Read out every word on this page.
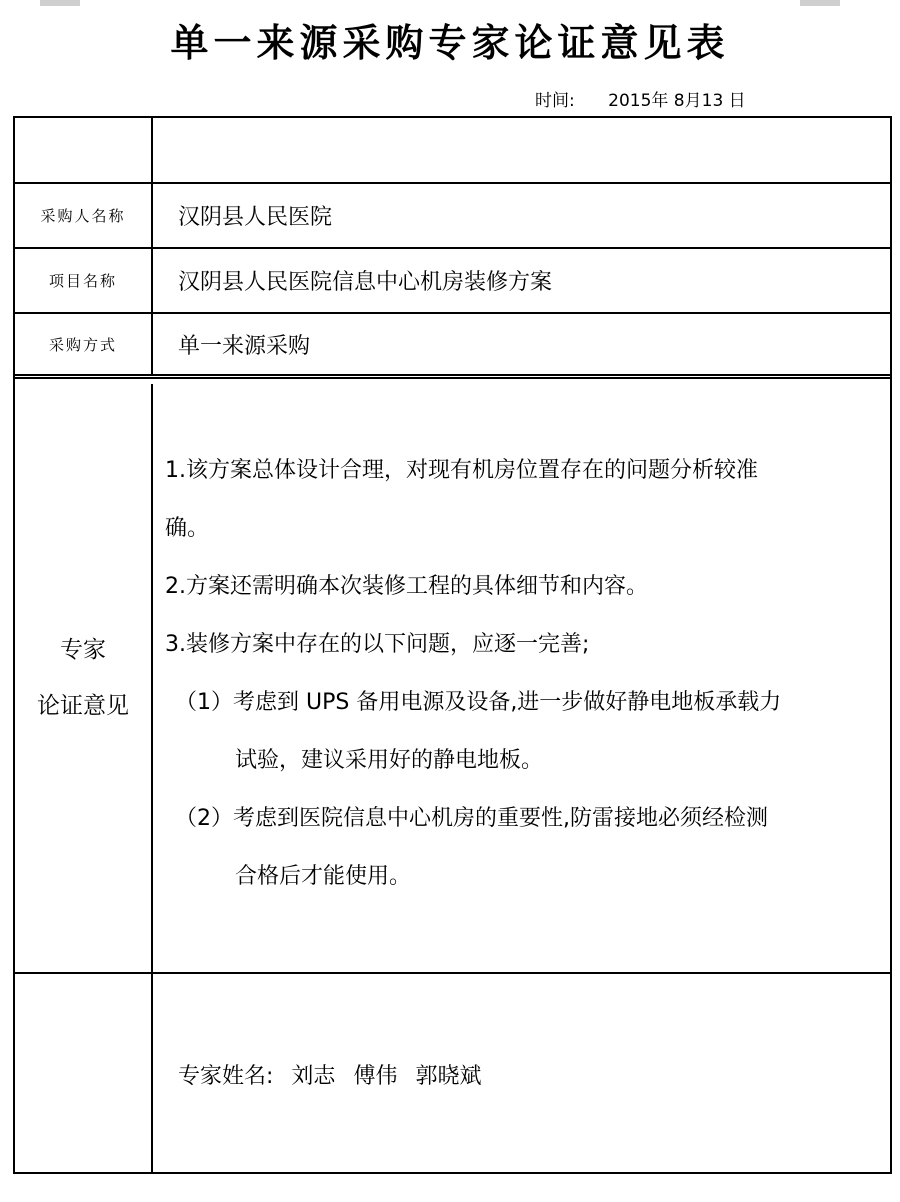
单一来源采购专家论证意见表
时间: 2015年 8月13 日
采购人名称	汉阴县人民医院
项目名称	汉阴县人民医院信息中心机房装修方案
采购方式	单一来源采购
专家
论证意见
1.该方案总体设计合理，对现有机房位置存在的问题分析较准
确。
2.方案还需明确本次装修工程的具体细节和内容。
3.装修方案中存在的以下问题，应逐一完善;
（1）考虑到 UPS 备用电源及设备,进一步做好静电地板承载力
试验，建议采用好的静电地板。
（2）考虑到医院信息中心机房的重要性,防雷接地必须经检测
合格后才能使用。
专家姓名: 刘志 傅伟 郭晓斌
